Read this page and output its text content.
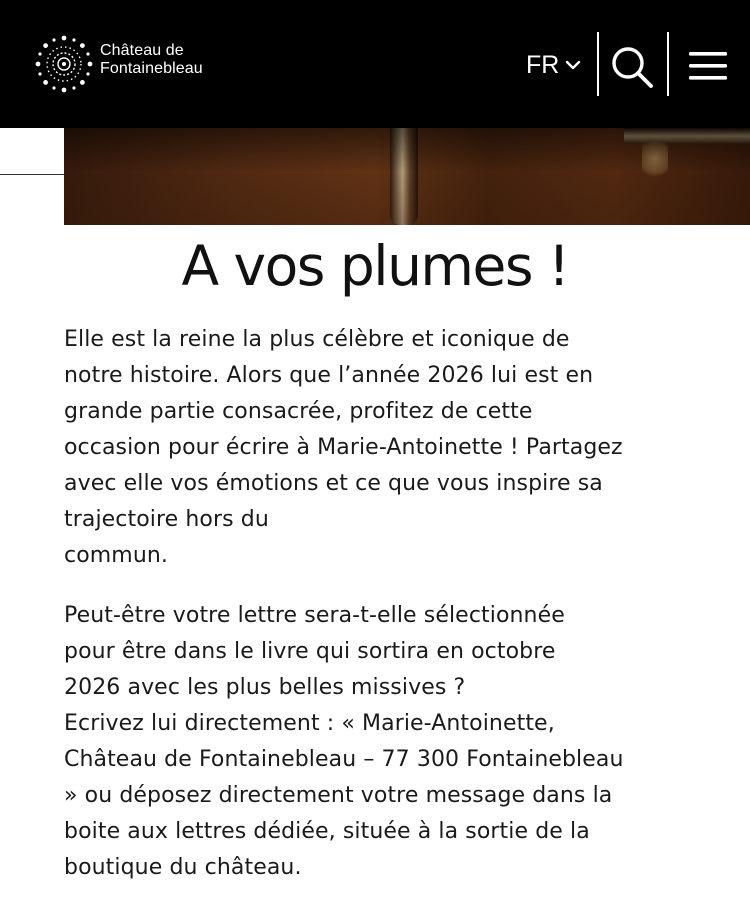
Château de
Fontainebleau	FR
A vos plumes !

Elle est la reine la plus célèbre et iconique de
notre histoire. Alors que l’année 2026 lui est en
grande partie consacrée, profitez de cette
occasion pour écrire à Marie-Antoinette ! Partagez
avec elle vos émotions et ce que vous inspire sa
trajectoire hors du
commun.

Peut-être votre lettre sera-t-elle sélectionnée
pour être dans le livre qui sortira en octobre
2026 avec les plus belles missives ?
Ecrivez lui directement : « Marie-Antoinette,
Château de Fontainebleau – 77 300 Fontainebleau
» ou déposez directement votre message dans la
boite aux lettres dédiée, située à la sortie de la
boutique du château.
